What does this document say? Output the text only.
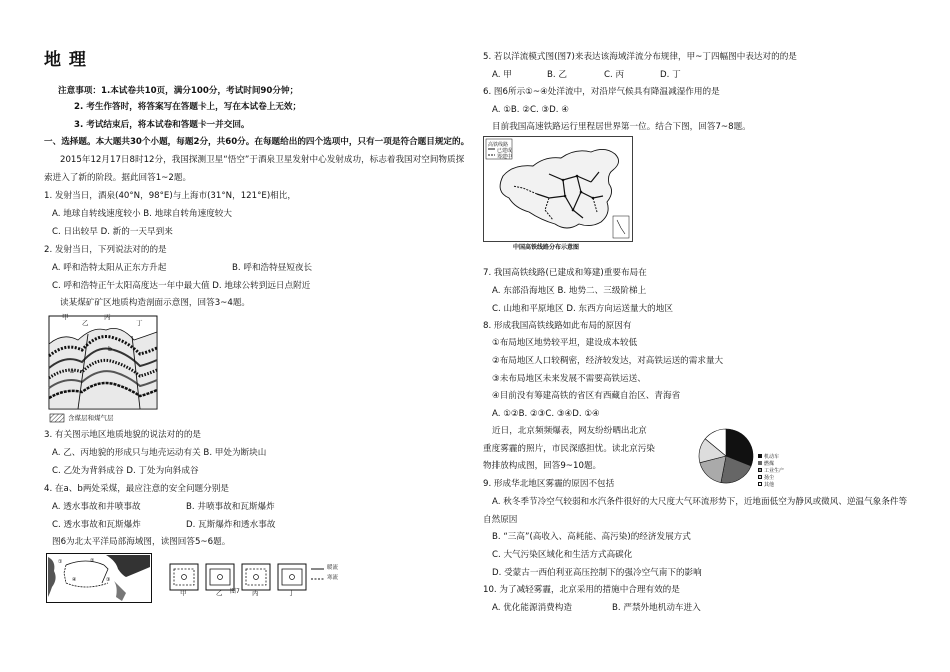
地 理
注意事项：1.本试卷共10页，满分100分，考试时间90分钟；
2. 考生作答时，将答案写在答题卡上，写在本试卷上无效；
3. 考试结束后，将本试卷和答题卡一并交回。
一、选择题。本大题共30个小题，每题2分，共60分。在每题给出的四个选项中，只有一项是符合题目规定的。
2015年12月17日8时12分，我国探测卫星“悟空”于酒泉卫星发射中心发射成功，标志着我国对空间物质探
索进入了新的阶段。据此回答1~2题。
1. 发射当日，酒泉(40°N，98°E)与上海市(31°N，121°E)相比，
A. 地球自转线速度较小 B. 地球自转角速度较大
C. 日出较早 D. 新的一天早到来
2. 发射当日，下列说法对的的是
A. 呼和浩特太阳从正东方升起	B. 呼和浩特昼短夜长
C. 呼和浩特正午太阳高度达一年中最大值 D. 地球公转到远日点附近
读某煤矿矿区地质构造剖面示意图，回答3~4题。
甲
乙
丙
丁
a
b
含煤层和煤气层
3. 有关图示地区地质地貌的说法对的的是
A. 乙、丙地貌的形成只与地壳运动有关 B. 甲处为断块山
C. 乙处为背斜成谷 D. 丁处为向斜成谷
4. 在a、b两处采煤，最应注意的安全问题分别是
A. 透水事故和井喷事故	B. 井喷事故和瓦斯爆炸
C. 透水事故和瓦斯爆炸	D. 瓦斯爆炸和透水事故
图6为北太平洋局部海域图，读图回答5~6题。
①	②
③
④
甲	乙	丙	丁
图7
暖流
寒流
5. 若以洋流模式图(图7)来表达该海域洋流分布规律，甲~丁四幅图中表达对的的是
A. 甲	B. 乙	C. 丙	D. 丁
6. 图6所示①~④处洋流中，对沿岸气候具有降温减湿作用的是
A. ①B. ②C. ③D. ④
目前我国高速铁路运行里程居世界第一位。结合下图，回答7~8题。
高铁线路
已建成
筹建中
中国高铁线路分布示意图
7. 我国高铁线路(已建成和筹建)重要布局在
A. 东部沿海地区 B. 地势二、三级阶梯上
C. 山地和平原地区 D. 东西方向运送量大的地区
8. 形成我国高铁线路如此布局的原因有
①布局地区地势较平坦，建设成本较低
②布局地区人口较稠密，经济较发达，对高铁运送的需求量大
③未布局地区未来发展不需要高铁运送、
④目前没有筹建高铁的省区有西藏自治区、青海省
A. ①②B. ②③C. ③④D. ①④
近日，北京频频爆表，网友纷纷晒出北京
重度雾霾的照片，市民深感担忧。读北京污染
物排放构成图，回答9~10题。
机动车
燃煤
工业生产
扬尘
其他
9. 形成华北地区雾霾的原因不包括
A. 秋冬季节冷空气较弱和水汽条件很好的大尺度大气环流形势下，近地面低空为静风或微风、逆温气象条件等
自然原因
B. “三高”(高收入、高耗能、高污染)的经济发展方式
C. 大气污染区域化和生活方式高碳化
D. 受蒙古一西伯利亚高压控制下的强冷空气南下的影响
10. 为了减轻雾霾，北京采用的措施中合理有效的是
A. 优化能源消费构造	B. 严禁外地机动车进入
